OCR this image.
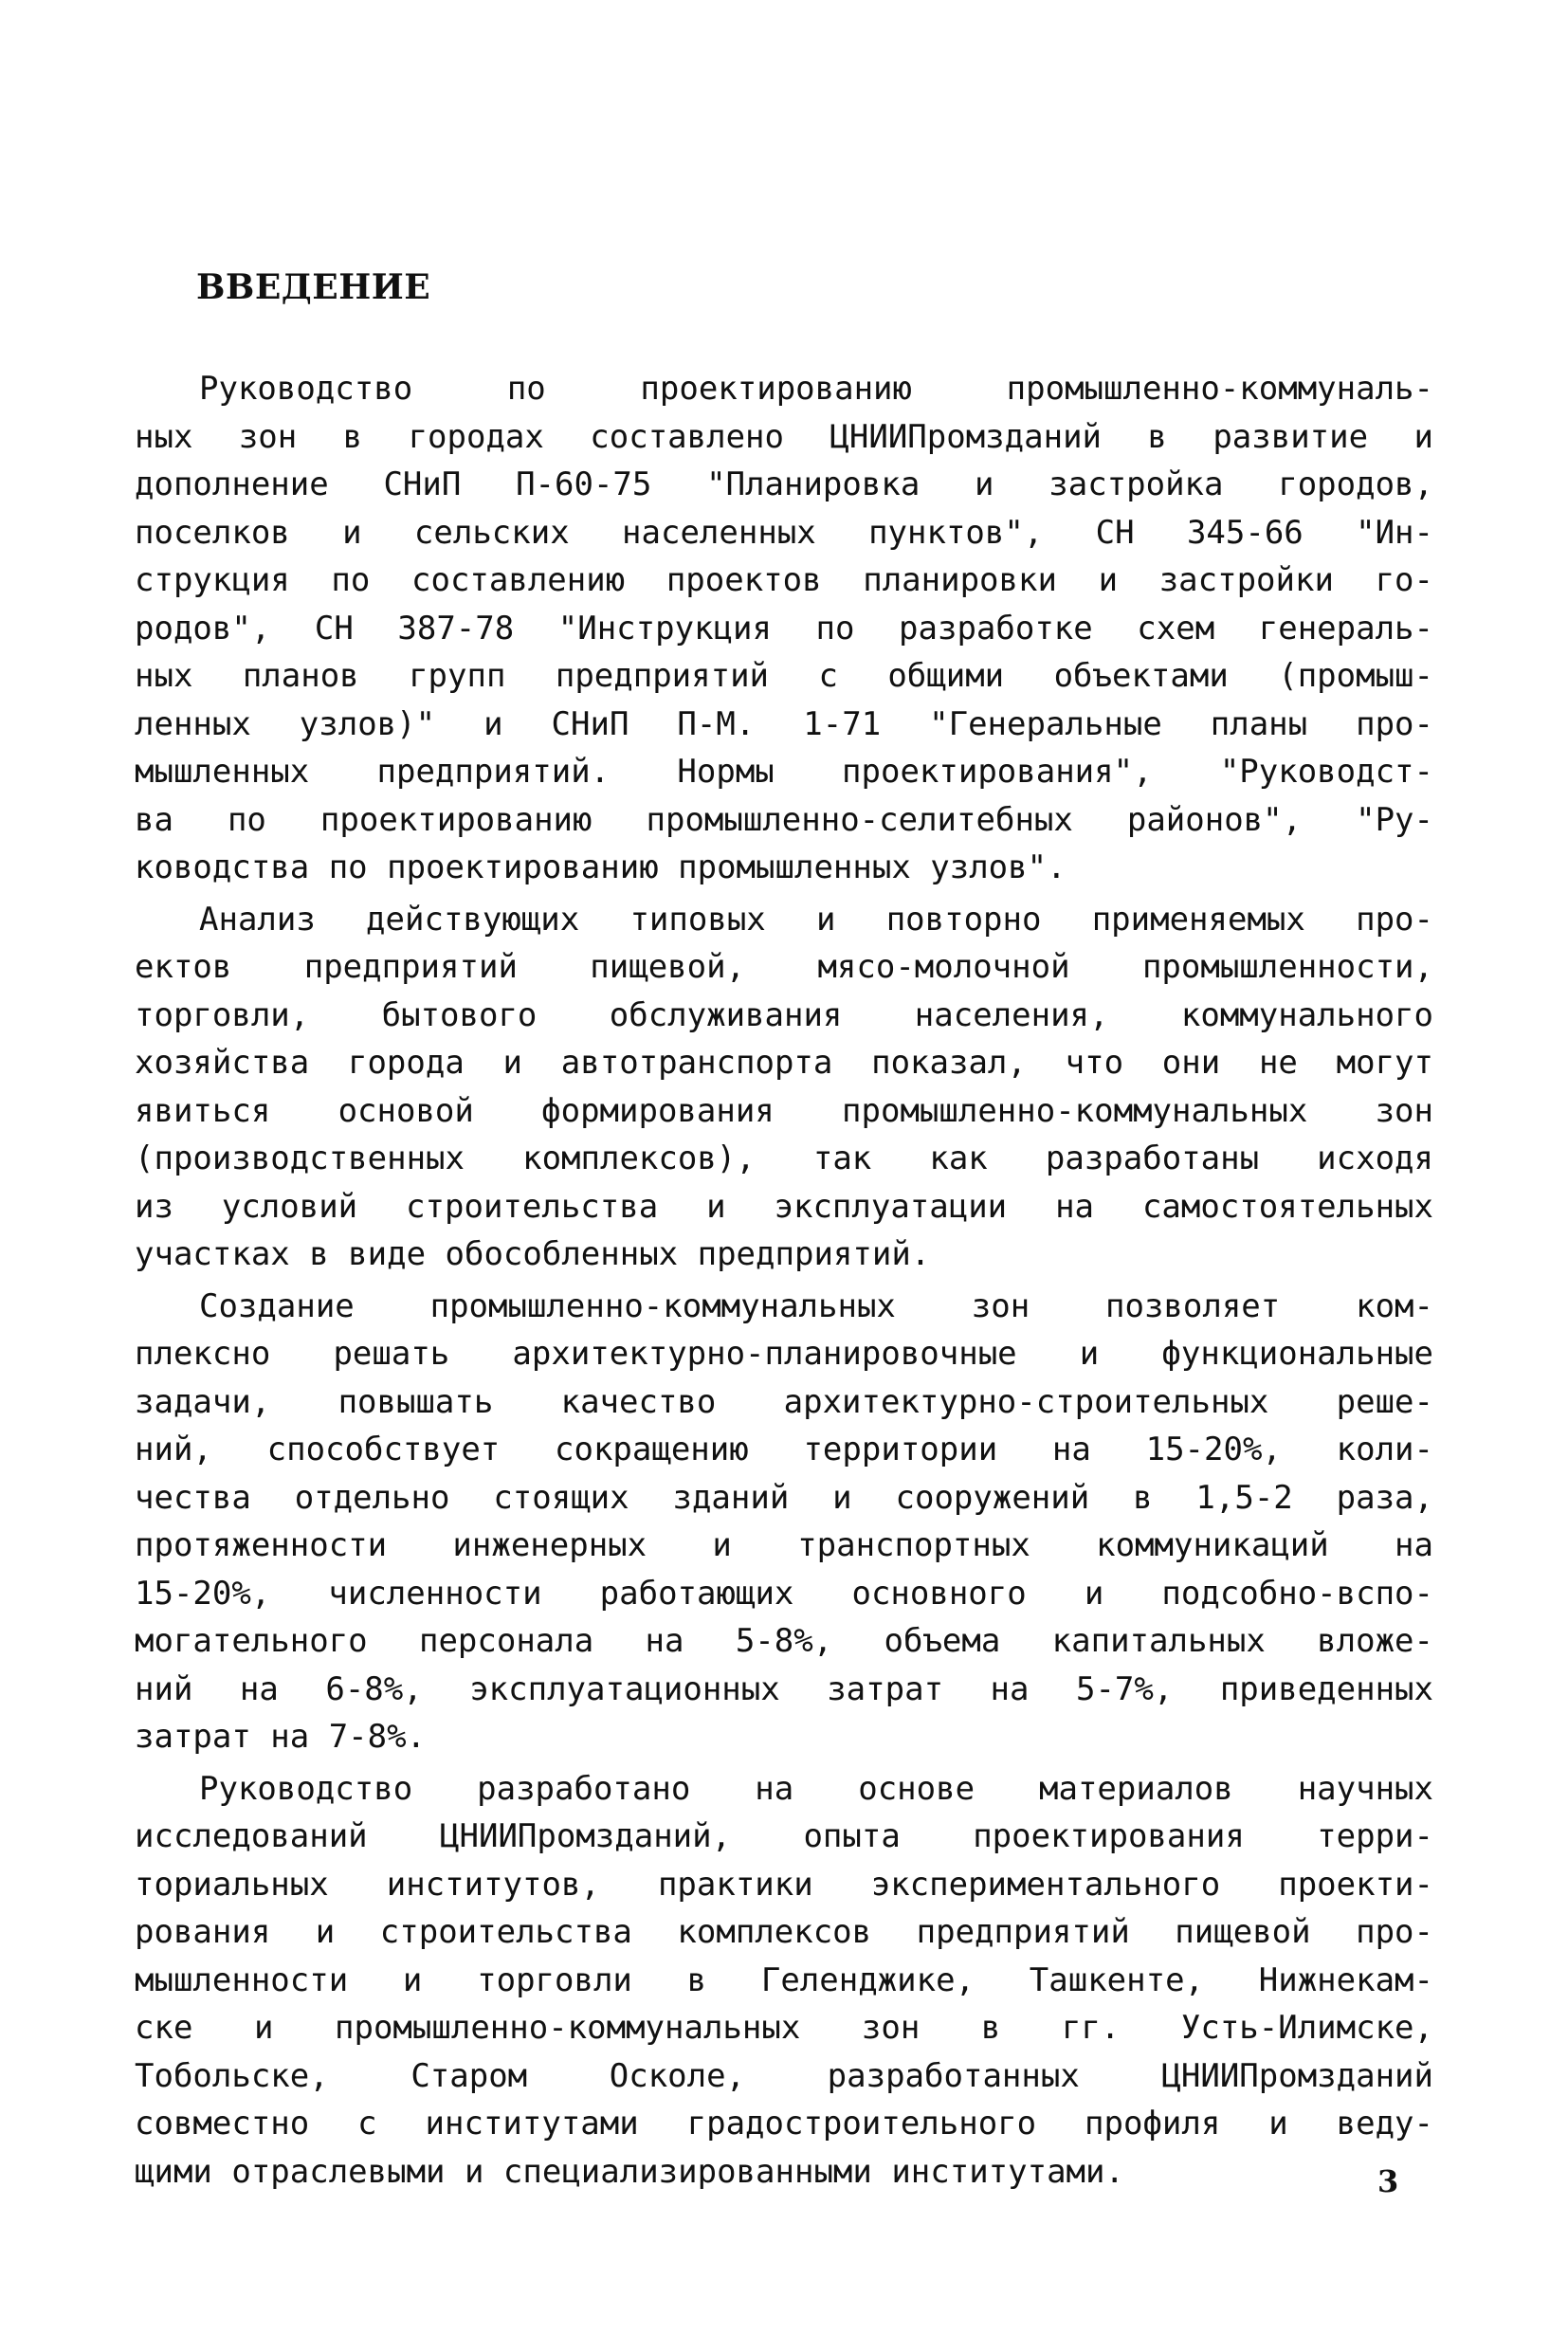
ВВЕДЕНИЕ

Руководство по проектированию промышленно-коммуналь-
ных зон в городах составлено ЦНИИПромзданий в развитие и
дополнение СНиП П-60-75 "Планировка и застройка городов,
поселков и сельских населенных пунктов", СН 345-66 "Ин-
струкция по составлению проектов планировки и застройки го-
родов", СН 387-78 "Инструкция по разработке схем генераль-
ных планов групп предприятий с общими объектами (промыш-
ленных узлов)" и СНиП П-М. 1-71 "Генеральные планы про-
мышленных предприятий. Нормы проектирования", "Руководст-
ва по проектированию промышленно-селитебных районов", "Ру-
ководства по проектированию промышленных узлов".

Анализ действующих типовых и повторно применяемых про-
ектов предприятий пищевой, мясо-молочной промышленности,
торговли, бытового обслуживания населения, коммунального
хозяйства города и автотранспорта показал, что они не могут
явиться основой формирования промышленно-коммунальных зон
(производственных комплексов), так как разработаны исходя
из условий строительства и эксплуатации на самостоятельных
участках в виде обособленных предприятий.

Создание промышленно-коммунальных зон позволяет ком-
плексно решать архитектурно-планировочные и функциональные
задачи, повышать качество архитектурно-строительных реше-
ний, способствует сокращению территории на 15-20%, коли-
чества отдельно стоящих зданий и сооружений в 1,5-2 раза,
протяженности инженерных и транспортных коммуникаций на
15-20%, численности работающих основного и подсобно-вспо-
могательного персонала на 5-8%, объема капитальных вложе-
ний на 6-8%, эксплуатационных затрат на 5-7%, приведенных
затрат на 7-8%.

Руководство разработано на основе материалов научных
исследований ЦНИИПромзданий, опыта проектирования терри-
ториальных институтов, практики экспериментального проекти-
рования и строительства комплексов предприятий пищевой про-
мышленности и торговли в Геленджике, Ташкенте, Нижнекам-
ске и промышленно-коммунальных зон в гг. Усть-Илимске,
Тобольске, Старом Осколе, разработанных ЦНИИПромзданий
совместно с институтами градостроительного профиля и веду-
щими отраслевыми и специализированными институтами.	3
